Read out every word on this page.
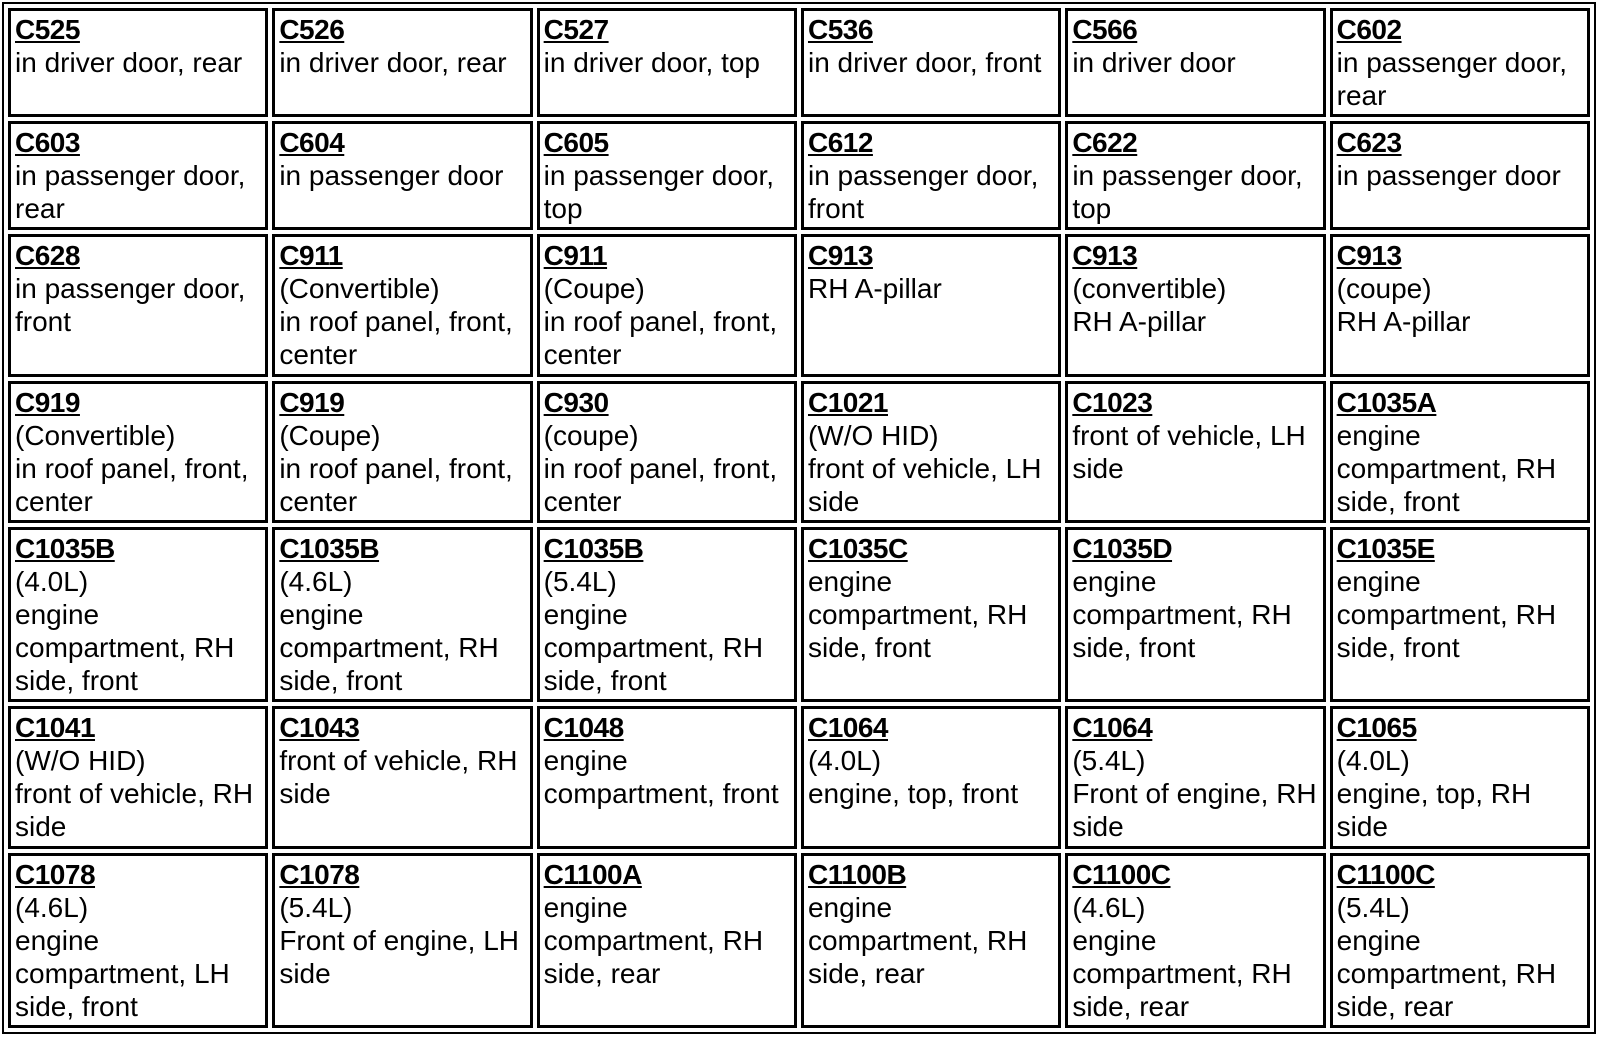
C525
in driver door, rear	C526
in driver door, rear	C527
in driver door, top	C536
in driver door, front	C566
in driver door	C602
in passenger door, rear

C603
in passenger door, rear	C604
in passenger door	C605
in passenger door, top	C612
in passenger door, front	C622
in passenger door, top	C623
in passenger door

C628
in passenger door, front	C911
(Convertible)
in roof panel, front, center	C911
(Coupe)
in roof panel, front, center	C913
RH A-pillar	C913
(convertible)
RH A-pillar	C913
(coupe)
RH A-pillar

C919
(Convertible)
in roof panel, front, center	C919
(Coupe)
in roof panel, front, center	C930
(coupe)
in roof panel, front, center	C1021
(W/O HID)
front of vehicle, LH side	C1023
front of vehicle, LH side	C1035A
engine compartment, RH side, front

C1035B
(4.0L)
engine compartment, RH side, front	C1035B
(4.6L)
engine compartment, RH side, front	C1035B
(5.4L)
engine compartment, RH side, front	C1035C
engine compartment, RH side, front	C1035D
engine compartment, RH side, front	C1035E
engine compartment, RH side, front

C1041
(W/O HID)
front of vehicle, RH side	C1043
front of vehicle, RH side	C1048
engine compartment, front	C1064
(4.0L)
engine, top, front	C1064
(5.4L)
Front of engine, RH side	C1065
(4.0L)
engine, top, RH side

C1078
(4.6L)
engine compartment, LH side, front	C1078
(5.4L)
Front of engine, LH side	C1100A
engine compartment, RH side, rear	C1100B
engine compartment, RH side, rear	C1100C
(4.6L)
engine compartment, RH side, rear	C1100C
(5.4L)
engine compartment, RH side, rear
